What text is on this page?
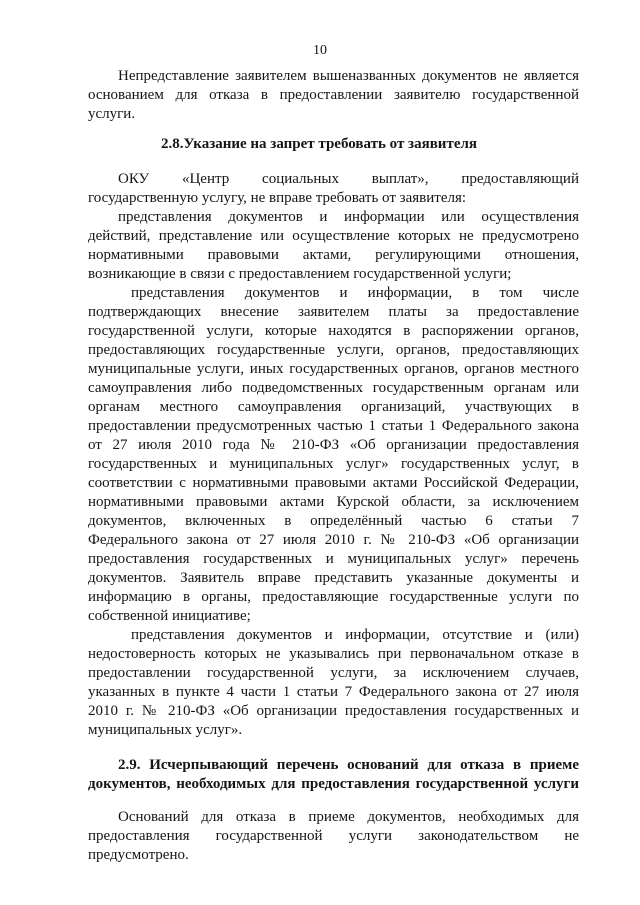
10
Непредставление заявителем вышеназванных документов не является
основанием для отказа в предоставлении заявителю государственной
услуги.
2.8.Указание на запрет требовать от заявителя
ОКУ «Центр социальных выплат», предоставляющий
государственную услугу, не вправе требовать от заявителя:
представления документов и информации или осуществления
действий, представление или осуществление которых не предусмотрено
нормативными правовыми актами, регулирующими отношения,
возникающие в связи с предоставлением государственной услуги;
представления документов и информации, в том числе
подтверждающих внесение заявителем платы за предоставление
государственной услуги, которые находятся в распоряжении органов,
предоставляющих государственные услуги, органов, предоставляющих
муниципальные услуги, иных государственных органов, органов местного
самоуправления либо подведомственных государственным органам или
органам местного самоуправления организаций, участвующих в
предоставлении предусмотренных частью 1 статьи 1 Федерального закона
от 27 июля 2010 года № 210-ФЗ «Об организации предоставления
государственных и муниципальных услуг» государственных услуг, в
соответствии с нормативными правовыми актами Российской Федерации,
нормативными правовыми актами Курской области, за исключением
документов, включенных в определённый частью 6 статьи 7
Федерального закона от 27 июля 2010 г. № 210-ФЗ «Об организации
предоставления государственных и муниципальных услуг» перечень
документов. Заявитель вправе представить указанные документы и
информацию в органы, предоставляющие государственные услуги по
собственной инициативе;
представления документов и информации, отсутствие и (или)
недостоверность которых не указывались при первоначальном отказе в
предоставлении государственной услуги, за исключением случаев,
указанных в пункте 4 части 1 статьи 7 Федерального закона от 27 июля
2010 г. № 210-ФЗ «Об организации предоставления государственных и
муниципальных услуг».
2.9. Исчерпывающий перечень оснований для отказа в приеме
документов, необходимых для предоставления государственной услуги
Оснований для отказа в приеме документов, необходимых для
предоставления государственной услуги законодательством не
предусмотрено.
